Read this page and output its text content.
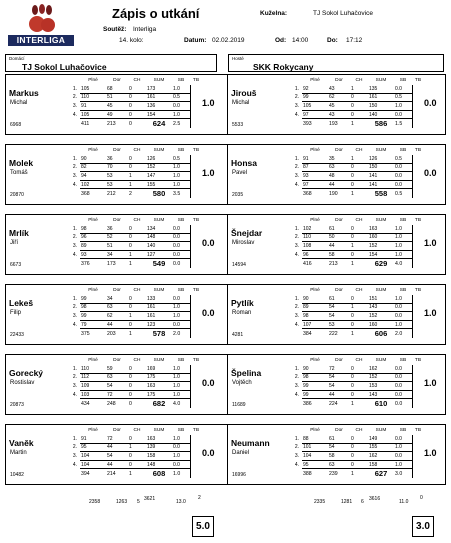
INTERLIGA
Zápis o utkání
Soutěž: Interliga
14. kolo:	Datum: 02.02.2019	Od: 14:00	Do: 17:12
Kuželna:	TJ Sokol Luhačovice
Domácí
TJ Sokol Luhačovice
Hosté
SKK Rokycany
Markus
Michal
6968
1.0
	Plné	Dor	CH	SUM	SB	TB
1.	105	68	0	173	1.0	
2.	110	51	0	161	0.5	
3.	91	45	0	136	0.0	
4.	105	49	0	154	1.0	
	411	213	0	624	2.5	
Jirouš
Michal
5533
0.0
	Plné	Dor	CH	SUM	SB	TB
1.	92	43	1	135	0.0	
2.	99	62	0	161	0.5	
3.	105	45	0	150	1.0	
4.	97	43	0	140	0.0	
	393	193	1	586	1.5	
Molek
Tomáš
20870
1.0
	Plné	Dor	CH	SUM	SB	TB
1.	90	36	0	126	0.5	
2.	82	70	0	152	1.0	
3.	94	53	1	147	1.0	
4.	102	53	1	155	1.0	
	368	212	2	580	3.5	
Honsa
Pavel
2035
0.0
	Plné	Dor	CH	SUM	SB	TB
1.	91	35	1	126	0.5	
2.	87	63	0	150	0.0	
3.	93	48	0	141	0.0	
4.	97	44	0	141	0.0	
	368	190	1	558	0.5	
Mrlík
Jiří
6673
0.0
	Plné	Dor	CH	SUM	SB	TB
1.	98	36	0	134	0.0	
2.	96	52	0	148	0.0	
3.	89	51	0	140	0.0	
4.	93	34	1	127	0.0	
	376	173	1	549	0.0	
Šnejdar
Miroslav
14594
1.0
	Plné	Dor	CH	SUM	SB	TB
1.	102	61	0	163	1.0	
2.	110	50	0	160	1.0	
3.	108	44	1	152	1.0	
4.	96	58	0	154	1.0	
	416	213	1	629	4.0	
Lekeš
Filip
22433
0.0
	Plné	Dor	CH	SUM	SB	TB
1.	99	34	0	133	0.0	
2.	98	63	0	161	1.0	
3.	99	62	1	161	1.0	
4.	79	44	0	123	0.0	
	375	203	1	578	2.0	
Pytlík
Roman
4281
1.0
	Plné	Dor	CH	SUM	SB	TB
1.	90	61	0	151	1.0	
2.	89	54	1	143	0.0	
3.	98	54	0	152	0.0	
4.	107	53	0	160	1.0	
	384	222	1	606	2.0	
Gorecký
Rostislav
20873
0.0
	Plné	Dor	CH	SUM	SB	TB
1.	110	59	0	169	1.0	
2.	112	63	0	175	1.0	
3.	109	54	0	163	1.0	
4.	103	72	0	175	1.0	
	434	248	0	682	4.0	
Špelina
Vojtěch
11689
1.0
	Plné	Dor	CH	SUM	SB	TB
1.	90	72	0	162	0.0	
2.	98	54	0	152	0.0	
3.	99	54	0	153	0.0	
4.	99	44	0	143	0.0	
	386	224	1	610	0.0	
Vaněk
Martin
10482
0.0
	Plné	Dor	CH	SUM	SB	TB
1.	91	72	0	163	1.0	
2.	95	44	1	139	0.0	
3.	104	54	0	158	1.0	
4.	104	44	0	148	0.0	
	394	214	1	608	1.0	
Neumann
Daniel
16996
1.0
	Plné	Dor	CH	SUM	SB	TB
1.	88	61	0	149	0.0	
2.	101	54	0	155	1.0	
3.	104	58	0	162	0.0	
4.	95	63	0	158	1.0	
	388	239	1	627	3.0	
2358	1263 5 3621	13.0
2
2335	1281 6 3616	11.0
0
5.0	3.0
